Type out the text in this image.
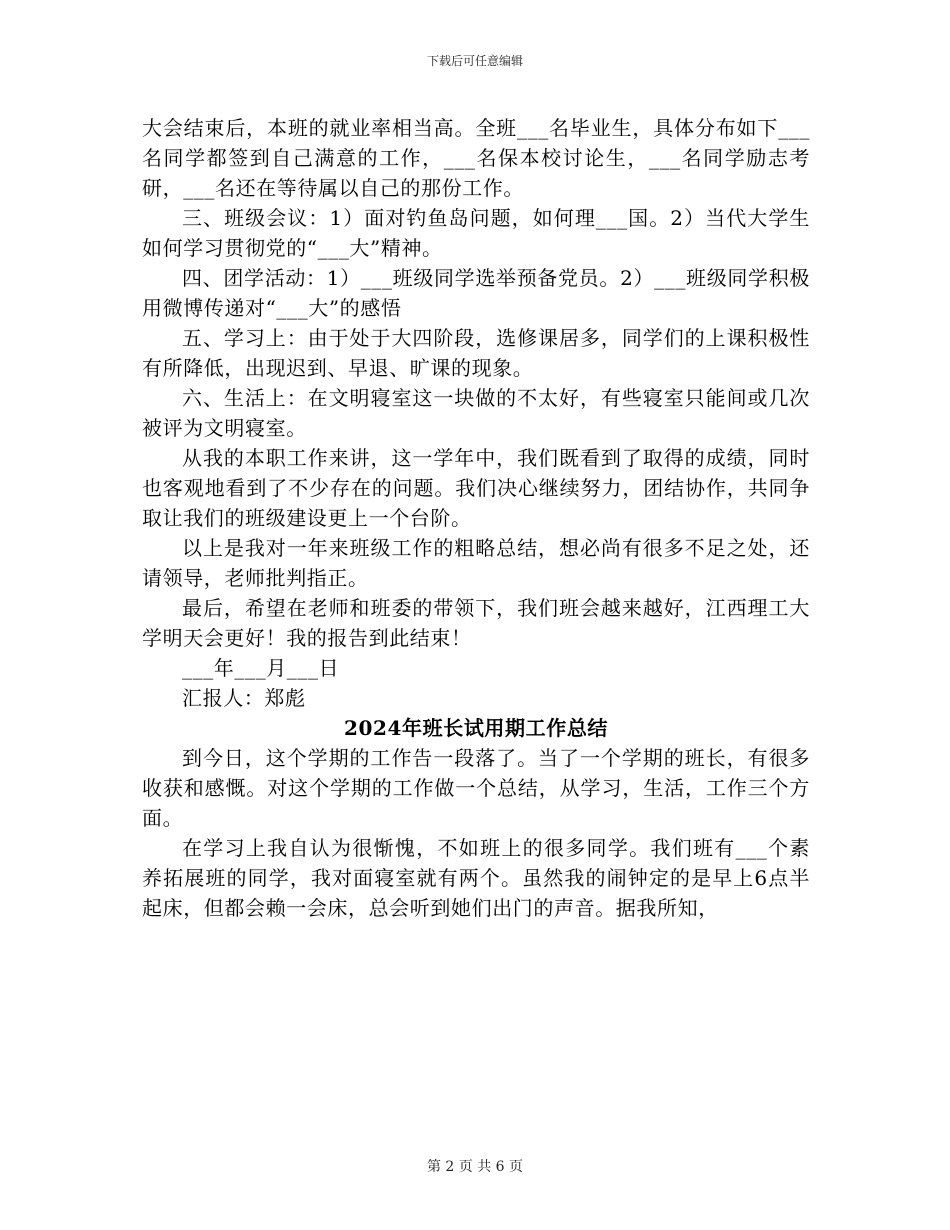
下载后可任意编辑

大会结束后，本班的就业率相当高。全班___名毕业生，具体分布如下___名同学都签到自己满意的工作，___名保本校讨论生，___名同学励志考研，___名还在等待属以自己的那份工作。

三、班级会议：1）面对钓鱼岛问题，如何理___国。2）当代大学生如何学习贯彻党的“___大”精神。

四、团学活动：1）___班级同学选举预备党员。2）___班级同学积极用微博传递对“___大”的感悟

五、学习上：由于处于大四阶段，选修课居多，同学们的上课积极性有所降低，出现迟到、早退、旷课的现象。

六、生活上：在文明寝室这一块做的不太好，有些寝室只能间或几次被评为文明寝室。

从我的本职工作来讲，这一学年中，我们既看到了取得的成绩，同时也客观地看到了不少存在的问题。我们决心继续努力，团结协作，共同争取让我们的班级建设更上一个台阶。

以上是我对一年来班级工作的粗略总结，想必尚有很多不足之处，还请领导，老师批判指正。

最后，希望在老师和班委的带领下，我们班会越来越好，江西理工大学明天会更好！我的报告到此结束！

___年___月___日

汇报人：郑彪

2024年班长试用期工作总结

到今日，这个学期的工作告一段落了。当了一个学期的班长，有很多收获和感慨。对这个学期的工作做一个总结，从学习，生活，工作三个方面。

在学习上我自认为很惭愧，不如班上的很多同学。我们班有___个素养拓展班的同学，我对面寝室就有两个。虽然我的闹钟定的是早上6点半起床，但都会赖一会床，总会听到她们出门的声音。据我所知，

第 2 页 共 6 页
